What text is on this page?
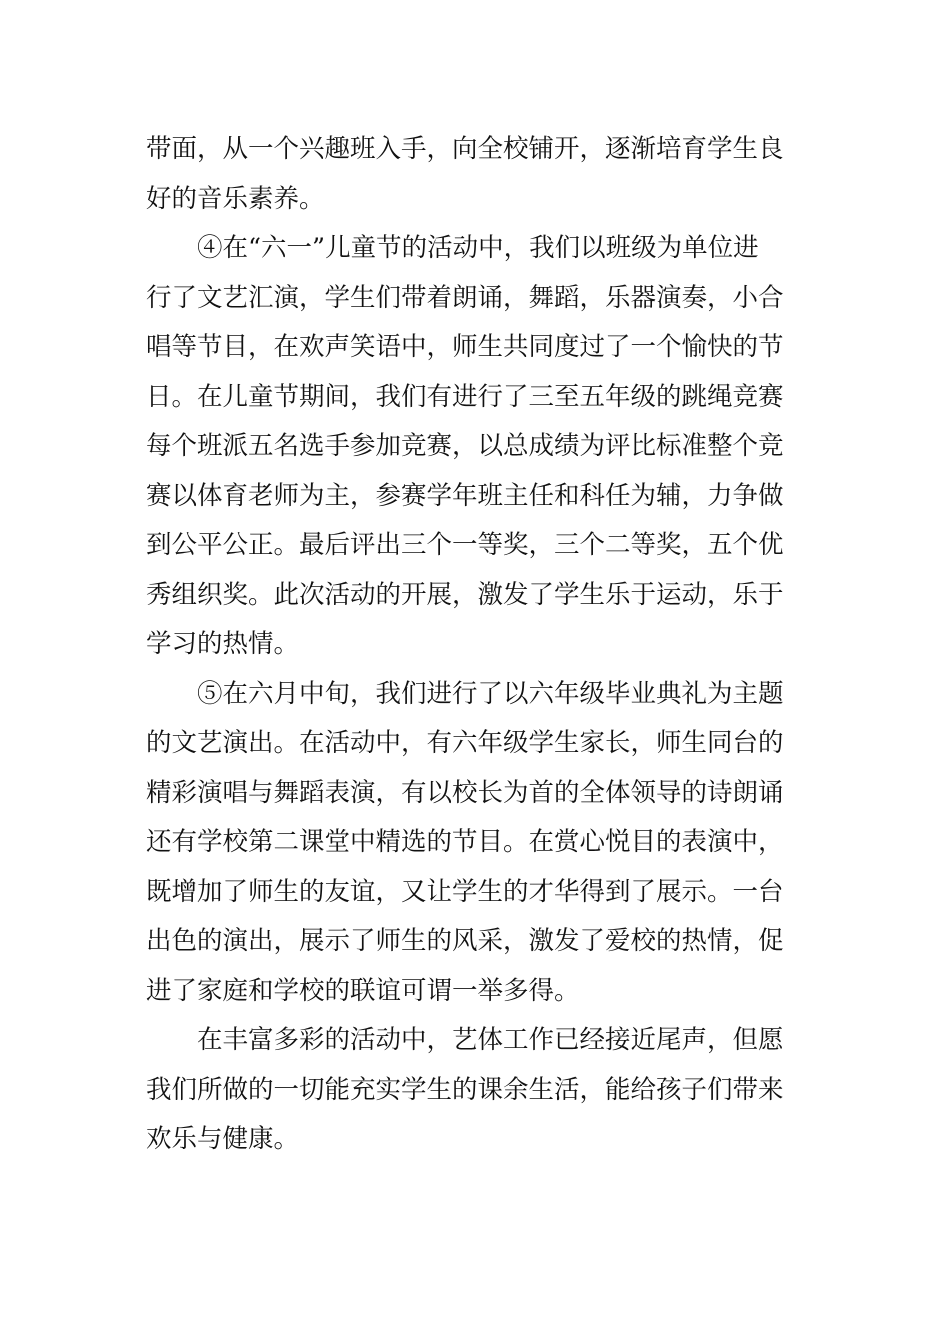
带面，从一个兴趣班入手，向全校铺开，逐渐培育学生良
好的音乐素养。
④在“六一”儿童节的活动中，我们以班级为单位进
行了文艺汇演，学生们带着朗诵，舞蹈，乐器演奏，小合
唱等节目，在欢声笑语中，师生共同度过了一个愉快的节
日。在儿童节期间，我们有进行了三至五年级的跳绳竞赛
每个班派五名选手参加竞赛，以总成绩为评比标准整个竞
赛以体育老师为主，参赛学年班主任和科任为辅，力争做
到公平公正。最后评出三个一等奖，三个二等奖，五个优
秀组织奖。此次活动的开展，激发了学生乐于运动，乐于
学习的热情。
⑤在六月中旬，我们进行了以六年级毕业典礼为主题
的文艺演出。在活动中，有六年级学生家长，师生同台的
精彩演唱与舞蹈表演，有以校长为首的全体领导的诗朗诵
还有学校第二课堂中精选的节目。在赏心悦目的表演中，
既增加了师生的友谊，又让学生的才华得到了展示。一台
出色的演出，展示了师生的风采，激发了爱校的热情，促
进了家庭和学校的联谊可谓一举多得。
在丰富多彩的活动中，艺体工作已经接近尾声，但愿
我们所做的一切能充实学生的课余生活，能给孩子们带来
欢乐与健康。
